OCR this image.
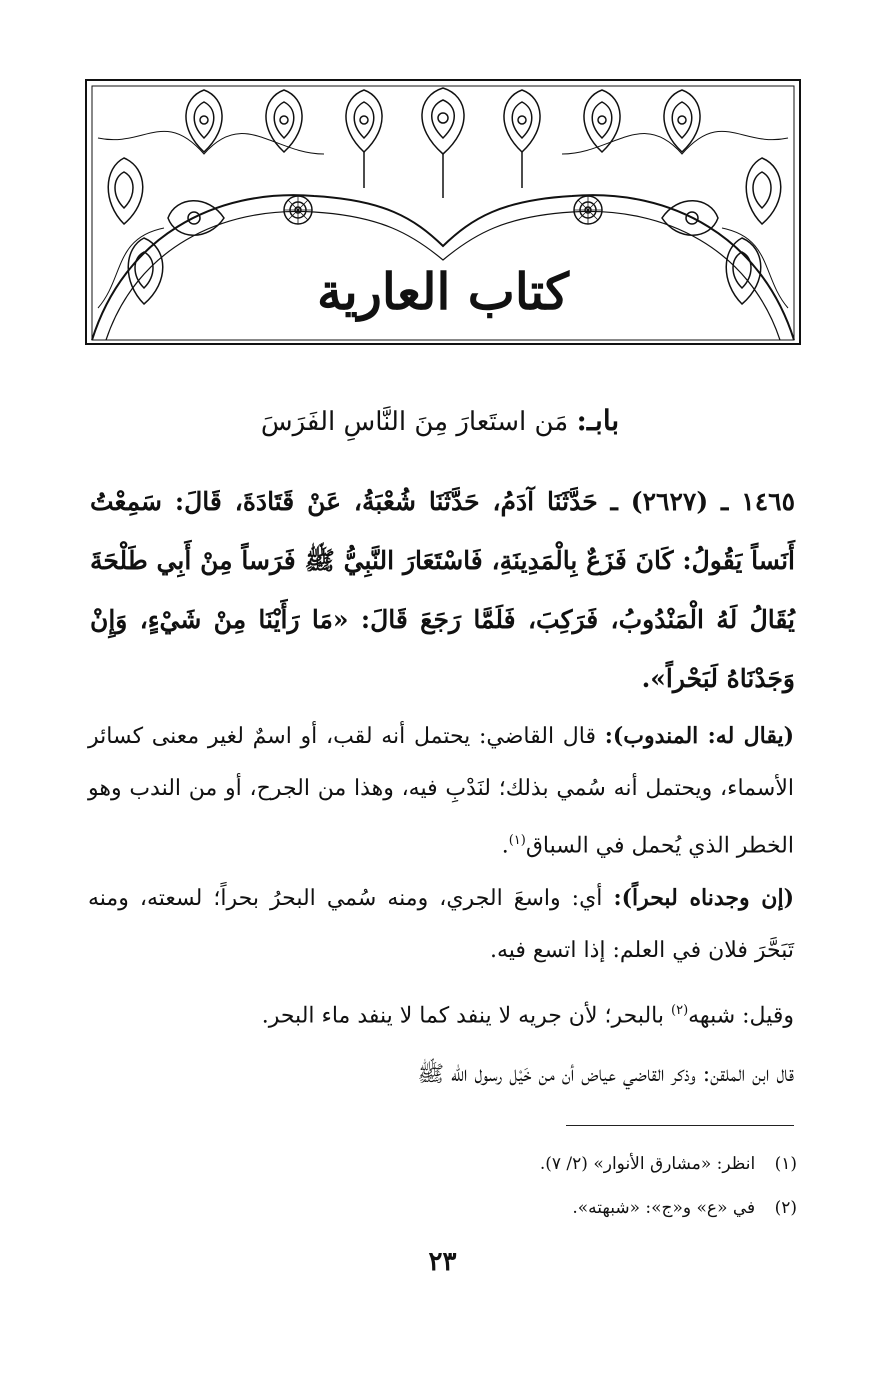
كتاب العارية
بابـ: مَن استَعارَ مِنَ النَّاسِ الفَرَسَ
١٤٦٥ ـ (٢٦٢٧) ـ حَدَّثَنَا آدَمُ، حَدَّثَنَا شُعْبَةُ، عَنْ قَتَادَةَ، قَالَ: سَمِعْتُ أَنَساً يَقُولُ: كَانَ فَزَعٌ بِالْمَدِينَةِ، فَاسْتَعَارَ النَّبِيُّ ﷺ فَرَساً مِنْ أَبِي طَلْحَةَ يُقَالُ لَهُ الْمَنْدُوبُ، فَرَكِبَ، فَلَمَّا رَجَعَ قَالَ: «مَا رَأَيْنَا مِنْ شَيْءٍ، وَإِنْ وَجَدْنَاهُ لَبَحْراً».
(يقال له: المندوب): قال القاضي: يحتمل أنه لقب، أو اسمٌ لغير معنى كسائر الأسماء، ويحتمل أنه سُمي بذلك؛ لنَدْبِ فيه، وهذا من الجرح، أو من الندب وهو الخطر الذي يُحمل في السباق$^{(١)}$.
(إن وجدناه لبحراً): أي: واسعَ الجري، ومنه سُمي البحرُ بحراً؛ لسعته، ومنه تَبَحَّرَ فلان في العلم: إذا اتسع فيه.
وقيل: شبهه$^{(٢)}$ بالبحر؛ لأن جريه لا ينفد كما لا ينفد ماء البحر.
قال ابن الملقن: وذكر القاضي عياض أن من خَيْل رسول الله ﷺ
(١) انظر: «مشارق الأنوار» (٢/ ٧).
(٢) في «ع» و«ج»: «شبهته».
٢٣
